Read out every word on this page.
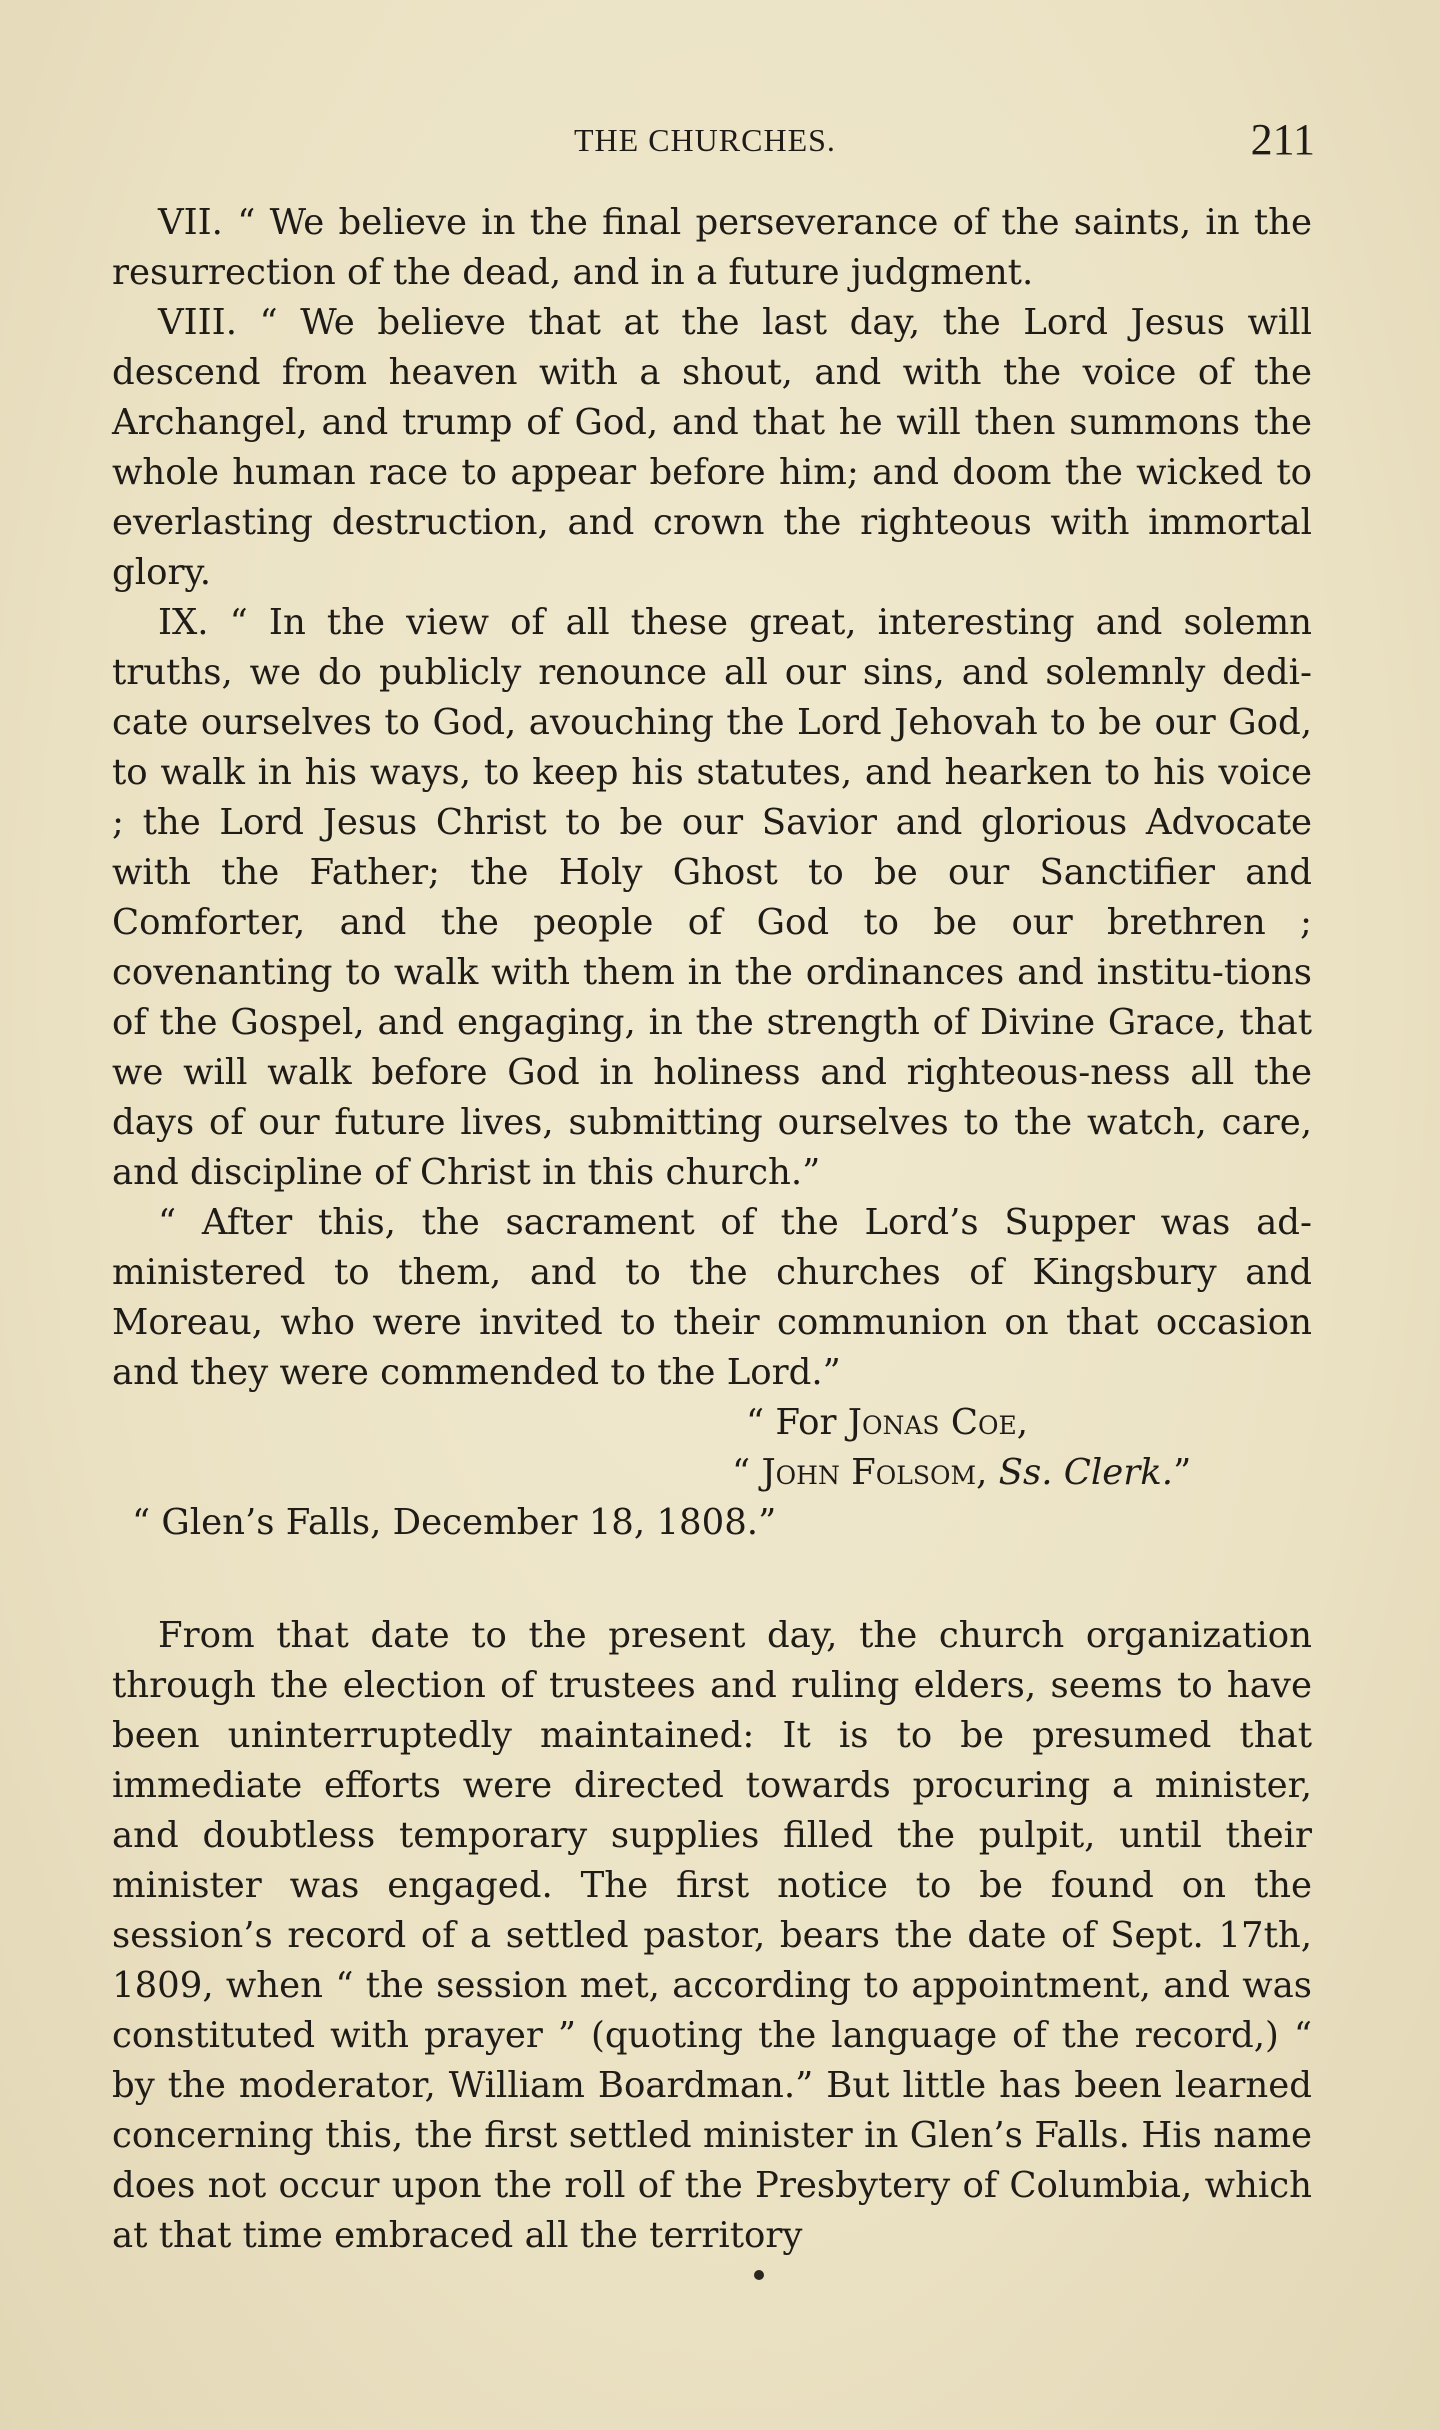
THE CHURCHES.	211

VII. “ We believe in the final perseverance of the saints, in the resurrection of the dead, and in a future judgment.

VIII. “ We believe that at the last day, the Lord Jesus will descend from heaven with a shout, and with the voice of the Archangel, and trump of God, and that he will then summons the whole human race to appear before him; and doom the wicked to everlasting destruction, and crown the righteous with immortal glory.

IX. “ In the view of all these great, interesting and solemn truths, we do publicly renounce all our sins, and solemnly dedi-cate ourselves to God, avouching the Lord Jehovah to be our God, to walk in his ways, to keep his statutes, and hearken to his voice ; the Lord Jesus Christ to be our Savior and glorious Advocate with the Father; the Holy Ghost to be our Sanctifier and Comforter, and the people of God to be our brethren ; covenanting to walk with them in the ordinances and institu-tions of the Gospel, and engaging, in the strength of Divine Grace, that we will walk before God in holiness and righteous-ness all the days of our future lives, submitting ourselves to the watch, care, and discipline of Christ in this church.”

“ After this, the sacrament of the Lord’s Supper was ad-ministered to them, and to the churches of Kingsbury and Moreau, who were invited to their communion on that occasion and they were commended to the Lord.”

“ For Jonas Coe,

“ John Folsom, Ss. Clerk.”

“ Glen’s Falls, December 18, 1808.”

From that date to the present day, the church organization through the election of trustees and ruling elders, seems to have been uninterruptedly maintained: It is to be presumed that immediate efforts were directed towards procuring a minister, and doubtless temporary supplies filled the pulpit, until their minister was engaged. The first notice to be found on the session’s record of a settled pastor, bears the date of Sept. 17th, 1809, when “ the session met, according to appointment, and was constituted with prayer ” (quoting the language of the record,) “ by the moderator, William Boardman.” But little has been learned concerning this, the first settled minister in Glen’s Falls. His name does not occur upon the roll of the Presbytery of Columbia, which at that time embraced all the territory
